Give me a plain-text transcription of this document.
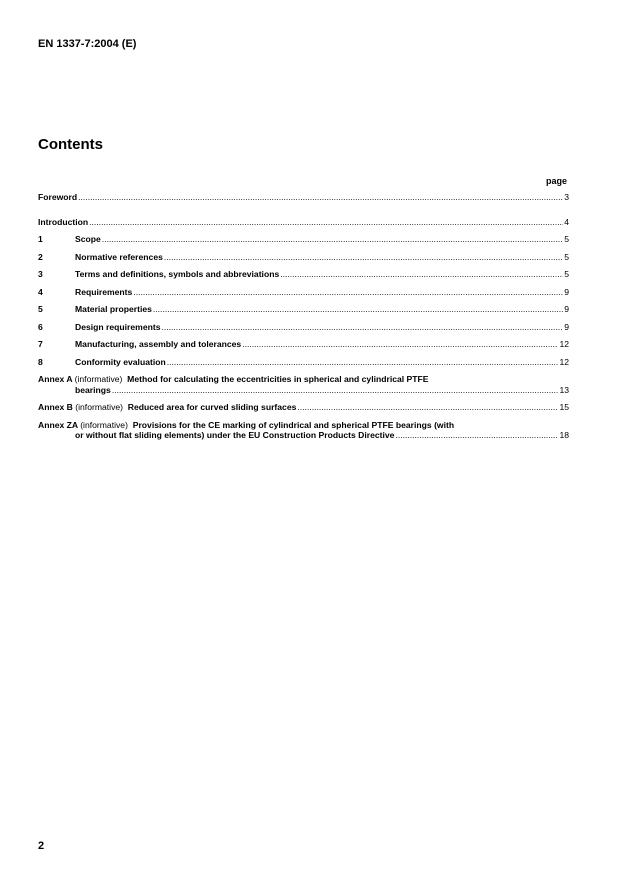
EN 1337-7:2004 (E)
Contents
page
Foreword .....	3
Introduction .....	4
1	Scope .....	5
2	Normative references .....	5
3	Terms and definitions, symbols and abbreviations .....	5
4	Requirements .....	9
5	Material properties .....	9
6	Design requirements .....	9
7	Manufacturing, assembly and tolerances .....	12
8	Conformity evaluation .....	12
Annex A (informative) Method for calculating the eccentricities in spherical and cylindrical PTFE
bearings .....	13
Annex B (informative) Reduced area for curved sliding surfaces .....	15
Annex ZA (informative) Provisions for the CE marking of cylindrical and spherical PTFE bearings (with
or without flat sliding elements) under the EU Construction Products Directive .....	18
2
